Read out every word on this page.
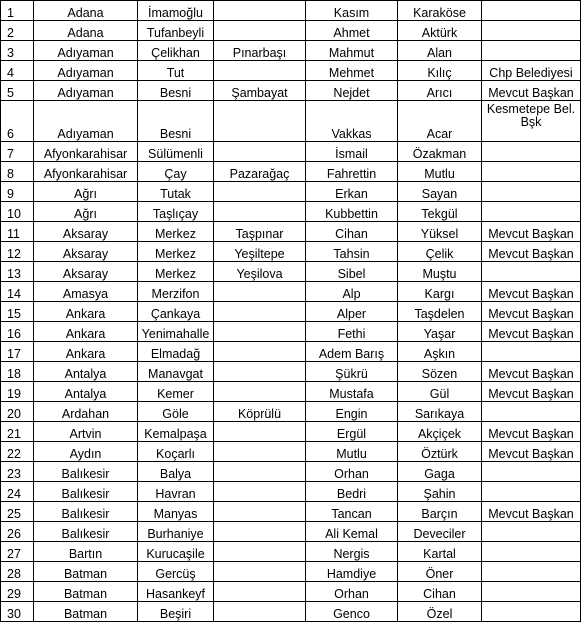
1	Adana	İmamoğlu		Kasım	Karaköse	
2	Adana	Tufanbeyli		Ahmet	Aktürk	
3	Adıyaman	Çelikhan	Pınarbaşı	Mahmut	Alan	
4	Adıyaman	Tut		Mehmet	Kılıç	Chp Belediyesi
5	Adıyaman	Besni	Şambayat	Nejdet	Arıcı	Mevcut Başkan
6	Adıyaman	Besni		Vakkas	Acar	Kesmetepe Bel. Bşk
7	Afyonkarahisar	Sülümenli		İsmail	Özakman	
8	Afyonkarahisar	Çay	Pazarağaç	Fahrettin	Mutlu	
9	Ağrı	Tutak		Erkan	Sayan	
10	Ağrı	Taşlıçay		Kubbettin	Tekgül	
11	Aksaray	Merkez	Taşpınar	Cihan	Yüksel	Mevcut Başkan
12	Aksaray	Merkez	Yeşiltepe	Tahsin	Çelik	Mevcut Başkan
13	Aksaray	Merkez	Yeşilova	Sibel	Muştu	
14	Amasya	Merzifon		Alp	Kargı	Mevcut Başkan
15	Ankara	Çankaya		Alper	Taşdelen	Mevcut Başkan
16	Ankara	Yenimahalle		Fethi	Yaşar	Mevcut Başkan
17	Ankara	Elmadağ		Adem Barış	Aşkın	
18	Antalya	Manavgat		Şükrü	Sözen	Mevcut Başkan
19	Antalya	Kemer		Mustafa	Gül	Mevcut Başkan
20	Ardahan	Göle	Köprülü	Engin	Sarıkaya	
21	Artvin	Kemalpaşa		Ergül	Akçiçek	Mevcut Başkan
22	Aydın	Koçarlı		Mutlu	Öztürk	Mevcut Başkan
23	Balıkesir	Balya		Orhan	Gaga	
24	Balıkesir	Havran		Bedri	Şahin	
25	Balıkesir	Manyas		Tancan	Barçın	Mevcut Başkan
26	Balıkesir	Burhaniye		Ali Kemal	Deveciler	
27	Bartın	Kurucaşile		Nergis	Kartal	
28	Batman	Gercüş		Hamdiye	Öner	
29	Batman	Hasankeyf		Orhan	Cihan	
30	Batman	Beşiri		Genco	Özel	
